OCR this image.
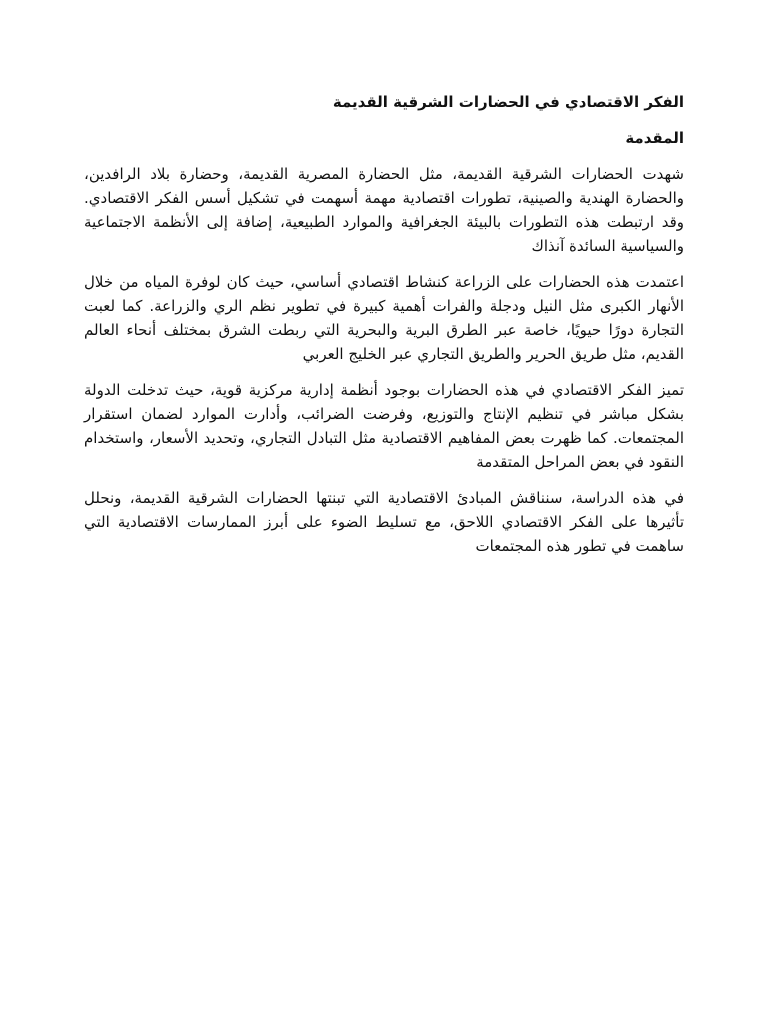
الفكر الاقتصادي في الحضارات الشرقية القديمة
المقدمة

شهدت الحضارات الشرقية القديمة، مثل الحضارة المصرية القديمة، وحضارة بلاد الرافدين، والحضارة الهندية والصينية، تطورات اقتصادية مهمة أسهمت في تشكيل أسس الفكر الاقتصادي. وقد ارتبطت هذه التطورات بالبيئة الجغرافية والموارد الطبيعية، إضافة إلى الأنظمة الاجتماعية والسياسية السائدة آنذاك

اعتمدت هذه الحضارات على الزراعة كنشاط اقتصادي أساسي، حيث كان لوفرة المياه من خلال الأنهار الكبرى مثل النيل ودجلة والفرات أهمية كبيرة في تطوير نظم الري والزراعة. كما لعبت التجارة دورًا حيويًا، خاصة عبر الطرق البرية والبحرية التي ربطت الشرق بمختلف أنحاء العالم القديم، مثل طريق الحرير والطريق التجاري عبر الخليج العربي

تميز الفكر الاقتصادي في هذه الحضارات بوجود أنظمة إدارية مركزية قوية، حيث تدخلت الدولة بشكل مباشر في تنظيم الإنتاج والتوزيع، وفرضت الضرائب، وأدارت الموارد لضمان استقرار المجتمعات. كما ظهرت بعض المفاهيم الاقتصادية مثل التبادل التجاري، وتحديد الأسعار، واستخدام النقود في بعض المراحل المتقدمة

في هذه الدراسة، سنناقش المبادئ الاقتصادية التي تبنتها الحضارات الشرقية القديمة، ونحلل تأثيرها على الفكر الاقتصادي اللاحق، مع تسليط الضوء على أبرز الممارسات الاقتصادية التي ساهمت في تطور هذه المجتمعات
